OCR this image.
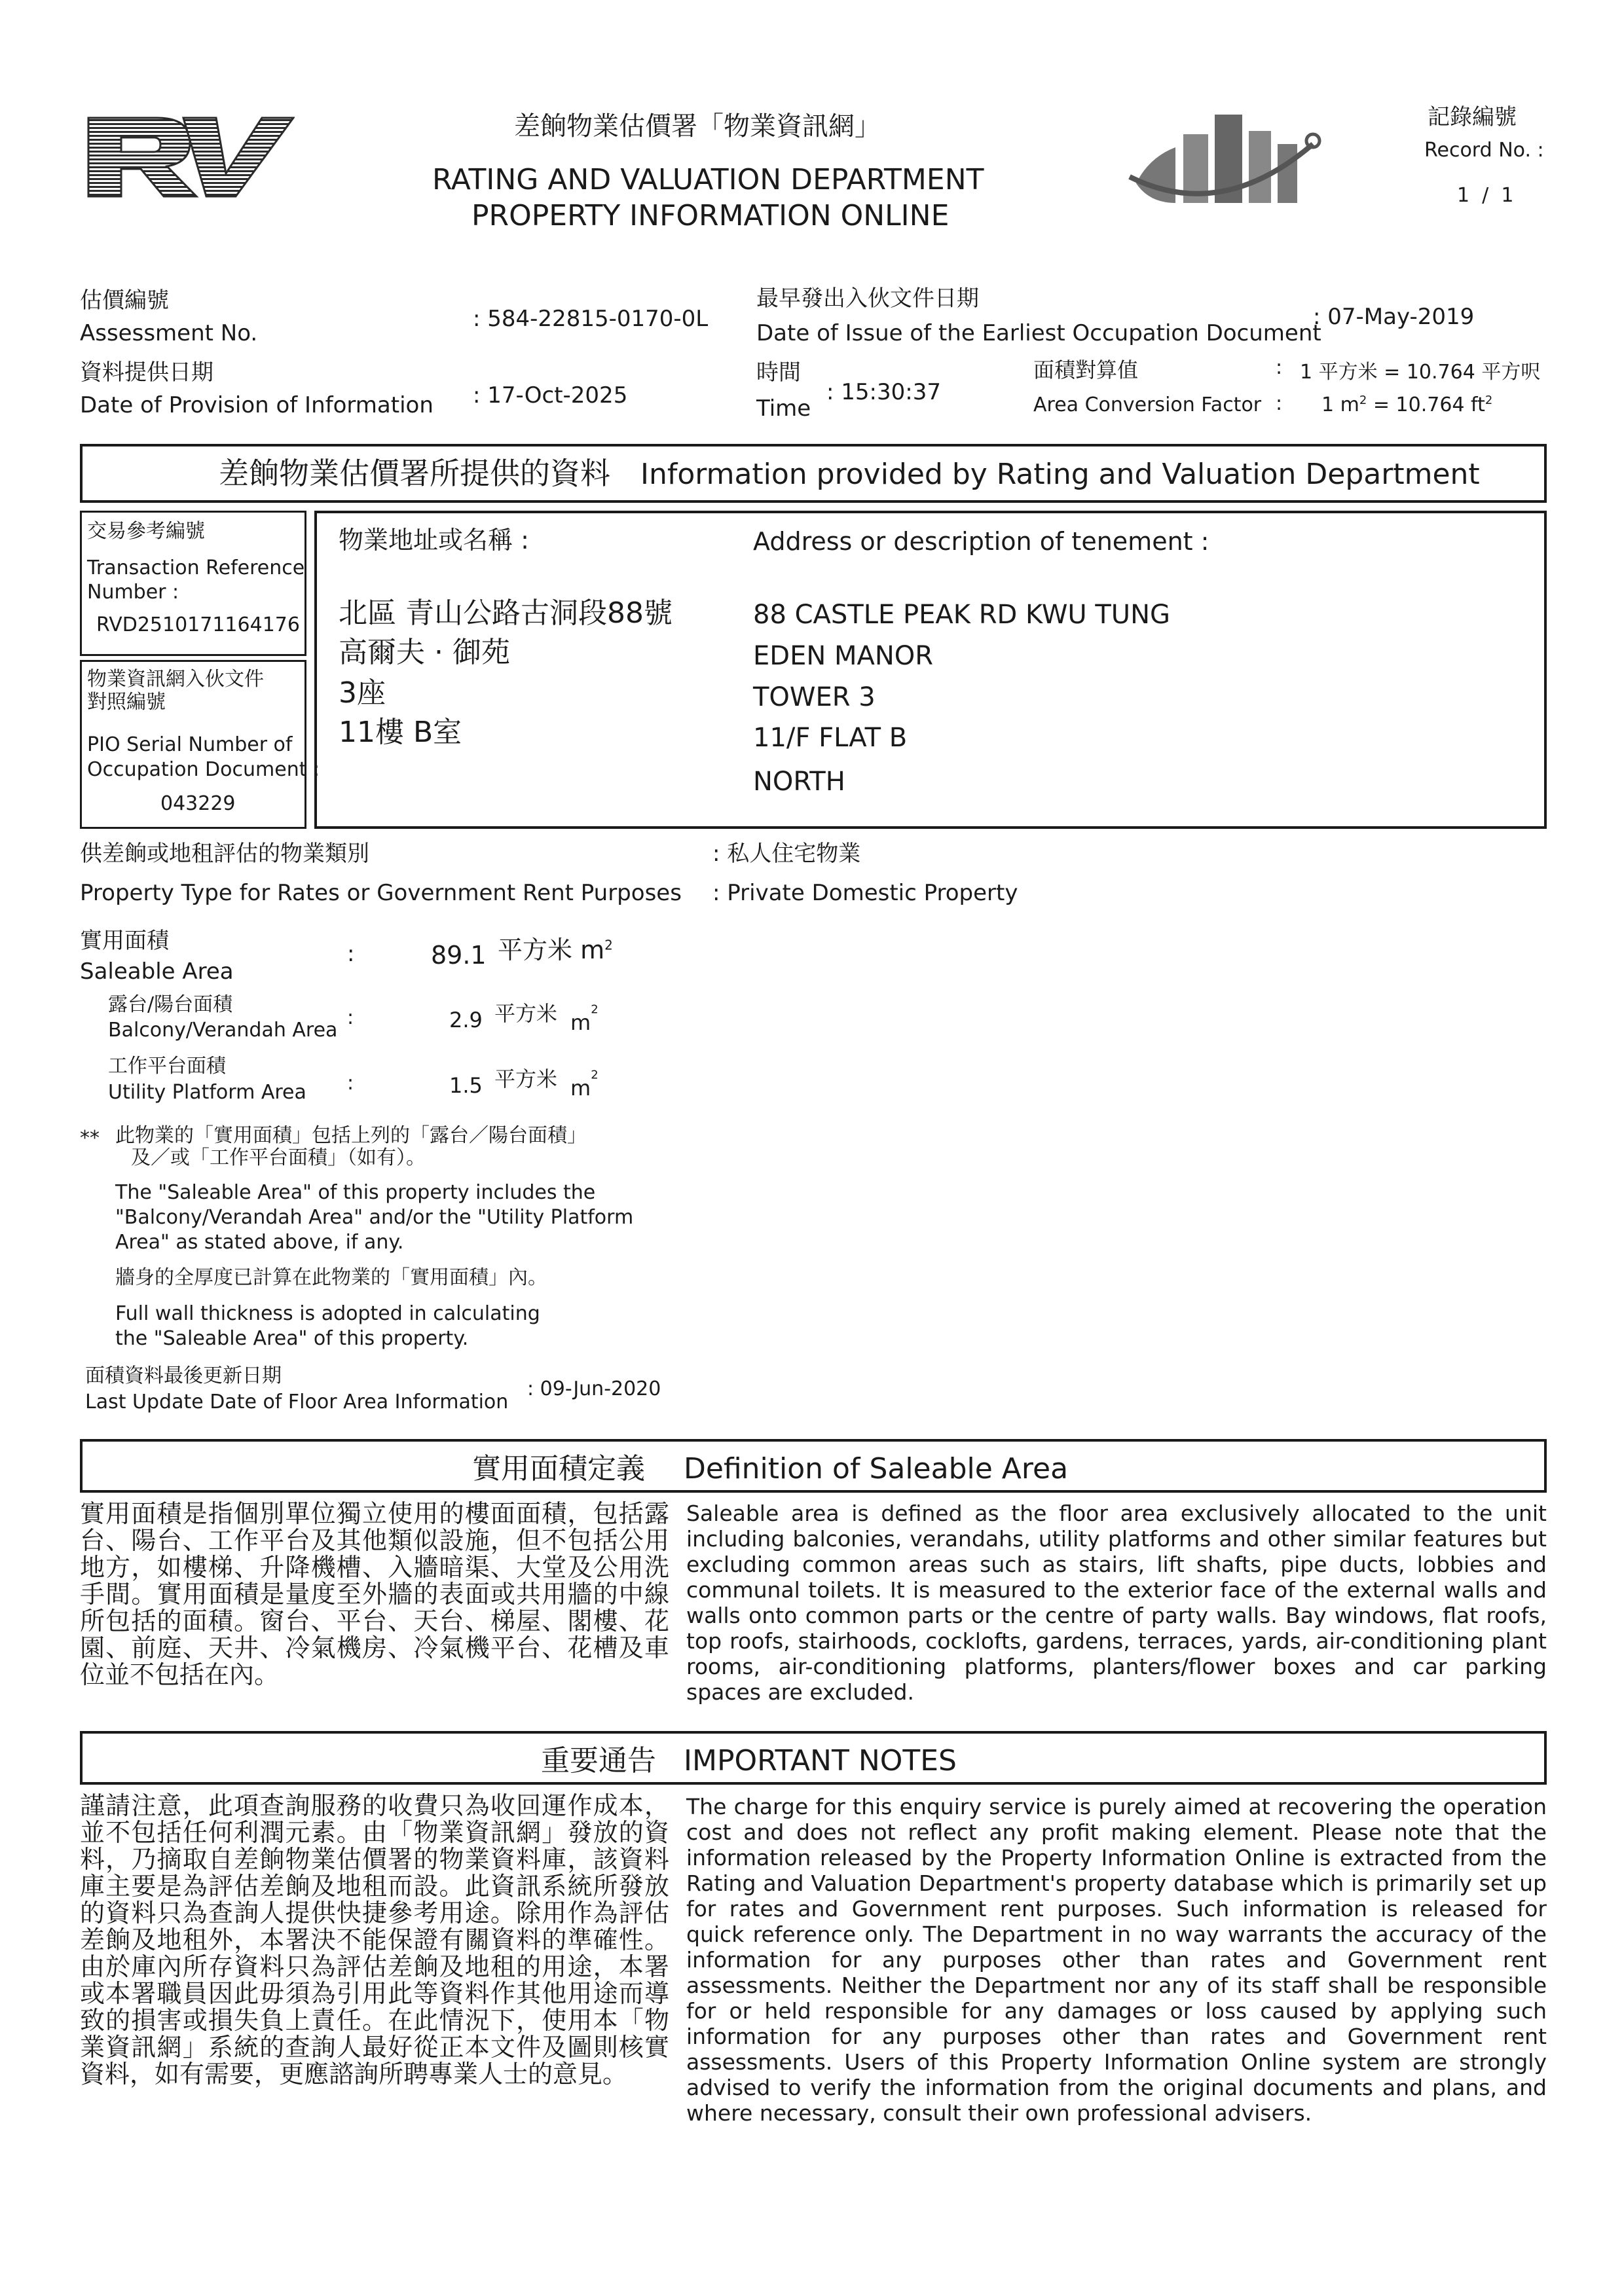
差餉物業估價署「物業資訊網」
RATING AND VALUATION DEPARTMENT
PROPERTY INFORMATION ONLINE
記錄編號
Record No. :
1  /  1
估價編號
Assessment No.
: 584-22815-0170-0L
資料提供日期
Date of Provision of Information : 17-Oct-2025
最早發出入伙文件日期
Date of Issue of the Earliest Occupation Document
: 07-May-2019
時間
Time
: 15:30:37
面積對算值
Area Conversion Factor
:
:
1 平方米 = 10.764 平方呎
1 $m^2 = 10.764$ $ft^2$
差餉物業估價署所提供的資料 Information provided by Rating and Valuation Department
交易參考編號
Transaction Reference
Number :
RVD2510171164176
物業資訊網入伙文件
對照編號
PIO Serial Number of
Occupation Document :
043229
物業地址或名稱 :	Address or description of tenement :
北區 青山公路古洞段88號
高爾夫 · 御苑
3座
11樓 B室
88 CASTLE PEAK RD KWU TUNG
EDEN MANOR
TOWER 3
11/F FLAT B
NORTH
供差餉或地租評估的物業類別
Property Type for Rates or Government Rent Purposes
: 私人住宅物業
: Private Domestic Property
實用面積
Saleable Area
:	89.1 平方米 $m^2$
露台/陽台面積
Balcony/Verandah Area
:	2.9 平方米 $m^2$
工作平台面積
Utility Platform Area :	1.5 平方米 $m^2$
** 此物業的「實用面積」包括上列的「露台／陽台面積」
及／或「工作平台面積」（如有）。
The "Saleable Area" of this property includes the
"Balcony/Verandah Area" and/or the "Utility Platform
Area" as stated above, if any.
牆身的全厚度已計算在此物業的「實用面積」內。
Full wall thickness is adopted in calculating
the "Saleable Area" of this property.
面積資料最後更新日期
Last Update Date of Floor Area Information
: 09-Jun-2020
實用面積定義 Definition of Saleable Area
實用面積是指個別單位獨立使用的樓面面積，包括露台、陽台、工作平台及其他類似設施，但不包括公用地方，如樓梯、升降機槽、入牆暗渠、大堂及公用洗手間。實用面積是量度至外牆的表面或共用牆的中線所包括的面積。窗台、平台、天台、梯屋、閣樓、花園、前庭、天井、冷氣機房、冷氣機平台、花槽及車位並不包括在內。
Saleable area is defined as the floor area exclusively allocated to the unit including balconies, verandahs, utility platforms and other similar features but excluding common areas such as stairs, lift shafts, pipe ducts, lobbies and communal toilets. It is measured to the exterior face of the external walls and walls onto common parts or the centre of party walls. Bay windows, flat roofs, top roofs, stairhoods, cocklofts, gardens, terraces, yards, air-conditioning plant rooms, air-conditioning platforms, planters/flower boxes and car parking spaces are excluded.
重要通告 IMPORTANT NOTES
謹請注意，此項查詢服務的收費只為收回運作成本，並不包括任何利潤元素。由「物業資訊網」發放的資料，乃摘取自差餉物業估價署的物業資料庫，該資料庫主要是為評估差餉及地租而設。此資訊系統所發放的資料只為查詢人提供快捷參考用途。除用作為評估差餉及地租外，本署決不能保證有關資料的準確性。由於庫內所存資料只為評估差餉及地租的用途，本署或本署職員因此毋須為引用此等資料作其他用途而導致的損害或損失負上責任。在此情況下，使用本「物業資訊網」系統的查詢人最好從正本文件及圖則核實資料，如有需要，更應諮詢所聘專業人士的意見。
The charge for this enquiry service is purely aimed at recovering the operation cost and does not reflect any profit making element. Please note that the information released by the Property Information Online is extracted from the Rating and Valuation Department's property database which is primarily set up for rates and Government rent purposes. Such information is released for quick reference only. The Department in no way warrants the accuracy of the information for any purposes other than rates and Government rent assessments. Neither the Department nor any of its staff shall be responsible for or held responsible for any damages or loss caused by applying such information for any purposes other than rates and Government rent assessments. Users of this Property Information Online system are strongly advised to verify the information from the original documents and plans, and where necessary, consult their own professional advisers.
